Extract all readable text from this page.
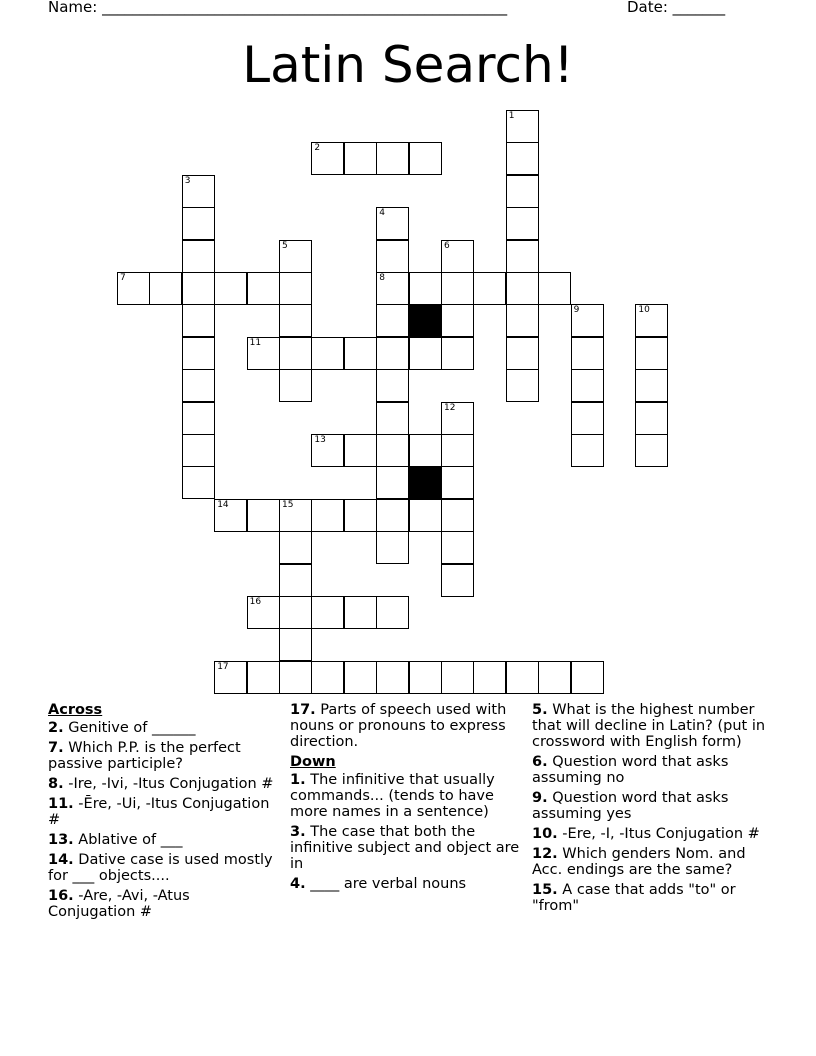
Name: ______________________________________________________	Date: _______
Latin Search!
1
2
3
4
8
5	6
7
9	10
11
12
13
14	15
16
17
Across
2. Genitive of ______
7. Which P.P. is the perfect passive participle?
8. -Ire, -Ivi, -Itus Conjugation #
11. -Ēre, -Ui, -Itus Conjugation #
13. Ablative of ___
14. Dative case is used mostly for ___ objects....
16. -Are, -Avi, -Atus Conjugation #
17. Parts of speech used with nouns or pronouns to express direction.
Down
1. The infinitive that usually commands... (tends to have more names in a sentence)
3. The case that both the infinitive subject and object are in
4. ____ are verbal nouns
5. What is the highest number that will decline in Latin? (put in crossword with English form)
6. Question word that asks assuming no
9. Question word that asks assuming yes
10. -Ere, -I, -Itus Conjugation #
12. Which genders Nom. and Acc. endings are the same?
15. A case that adds "to" or "from"
